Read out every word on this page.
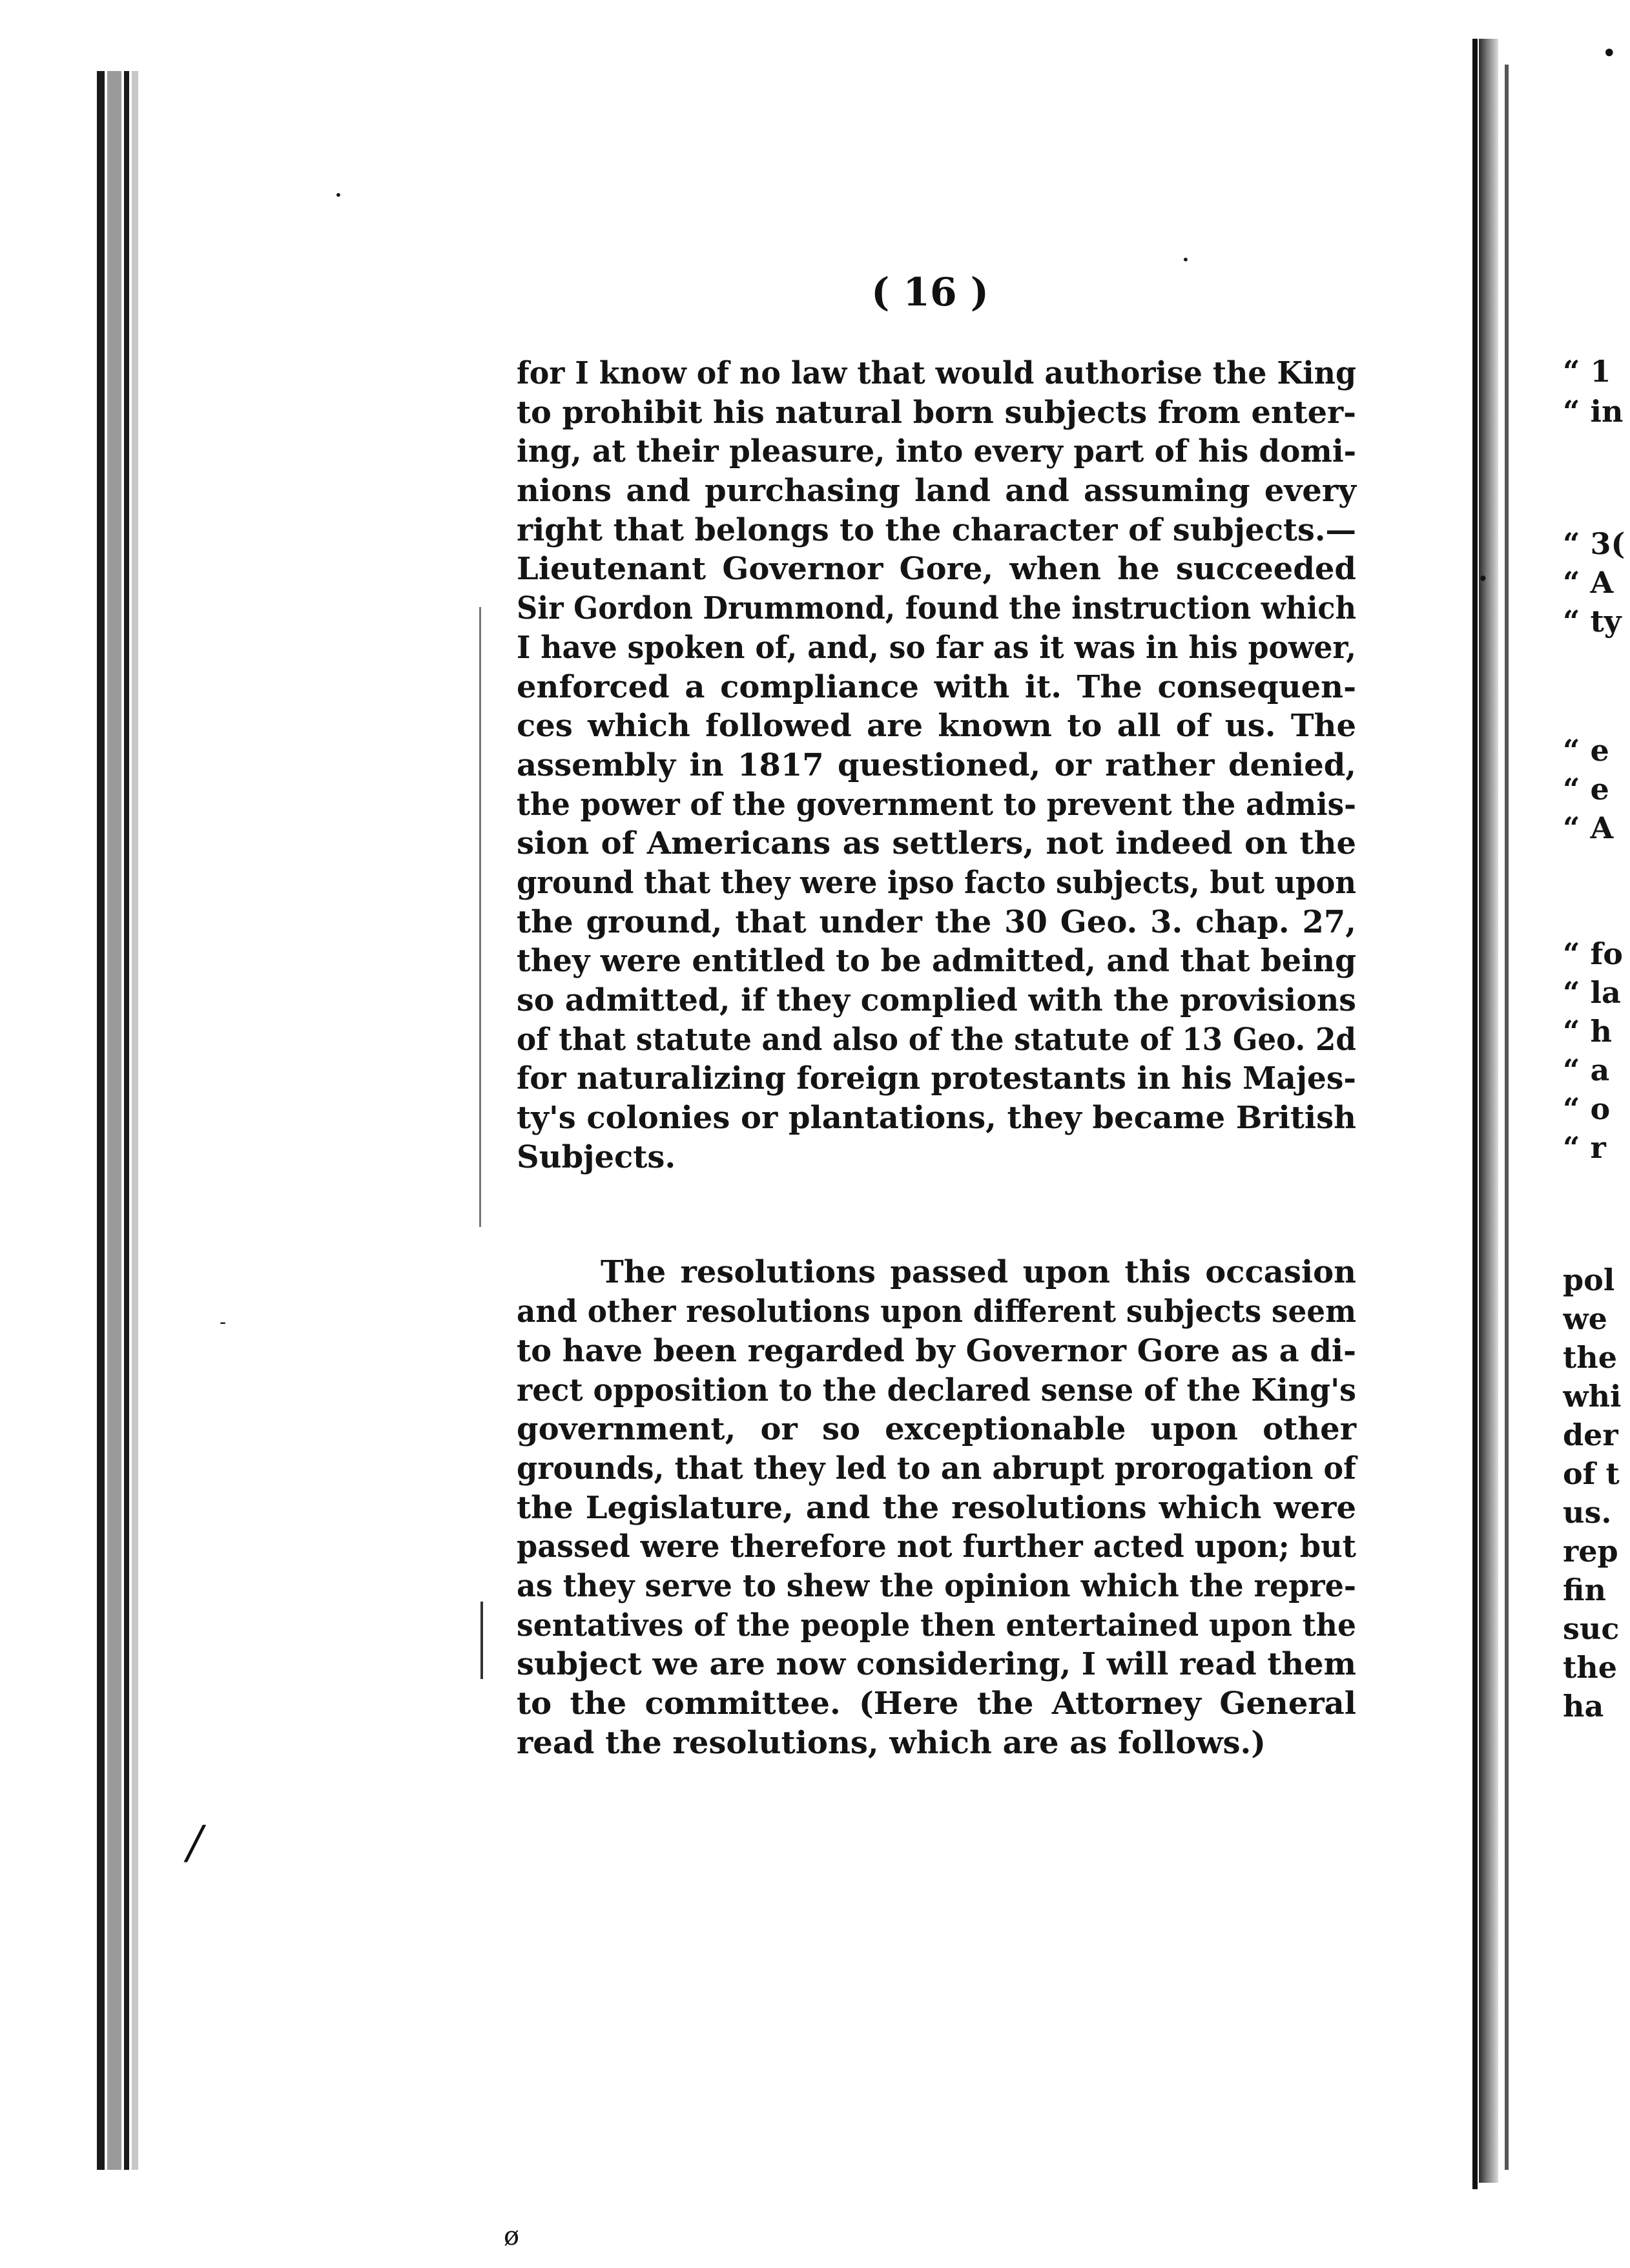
•
-
•
•
/
ø
•
( 16 )
for I know of no law that would authorise the King
to prohibit his natural born subjects from enter-
ing, at their pleasure, into every part of his domi-
nions and purchasing land and assuming every
right that belongs to the character of subjects.—
Lieutenant Governor Gore, when he succeeded
Sir Gordon Drummond, found the instruction which
I have spoken of, and, so far as it was in his power,
enforced a compliance with it. The consequen-
ces which followed are known to all of us. The
assembly in 1817 questioned, or rather denied,
the power of the government to prevent the admis-
sion of Americans as settlers, not indeed on the
ground that they were ipso facto subjects, but upon
the ground, that under the 30 Geo. 3. chap. 27,
they were entitled to be admitted, and that being
so admitted, if they complied with the provisions
of that statute and also of the statute of 13 Geo. 2d
for naturalizing foreign protestants in his Majes-
ty's colonies or plantations, they became British
Subjects.
The resolutions passed upon this occasion
and other resolutions upon different subjects seem
to have been regarded by Governor Gore as a di-
rect opposition to the declared sense of the King's
government, or so exceptionable upon other
grounds, that they led to an abrupt prorogation of
the Legislature, and the resolutions which were
passed were therefore not further acted upon; but
as they serve to shew the opinion which the repre-
sentatives of the people then entertained upon the
subject we are now considering, I will read them
to the committee. (Here the Attorney General
read the resolutions, which are as follows.)
“ 1
“ in
“ 3(
“ A
“ ty
“ e
“ e
“ A
“ fo
“ la
“ h
“ a
“ o
“ r
pol
we
the
whi
der
of t
us.
rep
fin
suc
the
ha
